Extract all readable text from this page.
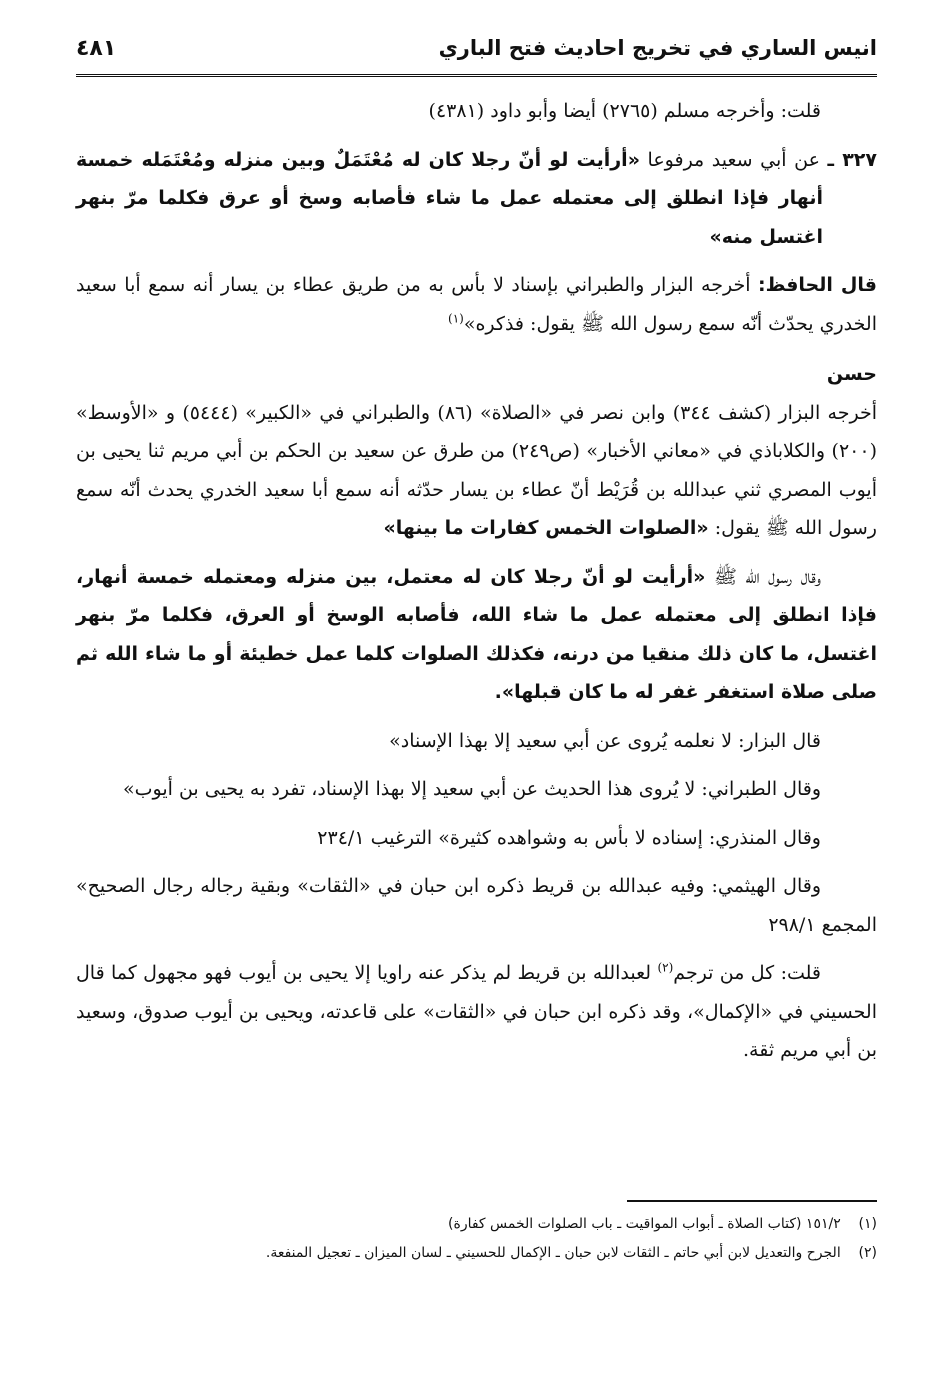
انيس الساري في تخريج احاديث فتح الباري
٤٨١

قلت: وأخرجه مسلم (٢٧٦٥) أيضا وأبو داود (٤٣٨١)

٣٢٧ ـ عن أبي سعيد مرفوعا «أرأيت لو أنّ رجلا كان له مُعْتَمَلٌ وبين منزله ومُعْتَمَله خمسة أنهار فإذا انطلق إلى معتمله عمل ما شاء فأصابه وسخ أو عرق فكلما مرّ بنهر اغتسل منه»

قال الحافظ: أخرجه البزار والطبراني بإسناد لا بأس به من طريق عطاء بن يسار أنه سمع أبا سعيد الخدري يحدّث أنّه سمع رسول الله ﷺ يقول: فذكره»$^{(١)}$

حسن

أخرجه البزار (كشف ٣٤٤) وابن نصر في «الصلاة» (٨٦) والطبراني في «الكبير» (٥٤٤٤) و «الأوسط» (٢٠٠) والكلاباذي في «معاني الأخبار» (ص٢٤٩) من طرق عن سعيد بن الحكم بن أبي مريم ثنا يحيى بن أيوب المصري ثني عبدالله بن قُرَيْط أنّ عطاء بن يسار حدّثه أنه سمع أبا سعيد الخدري يحدث أنّه سمع رسول الله ﷺ يقول: «الصلوات الخمس كفارات ما بينها»

وقال رسول الله ﷺ «أرأيت لو أنّ رجلا كان له معتمل، بين منزله ومعتمله خمسة أنهار، فإذا انطلق إلى معتمله عمل ما شاء الله، فأصابه الوسخ أو العرق، فكلما مرّ بنهر اغتسل، ما كان ذلك منقيا من درنه، فكذلك الصلوات كلما عمل خطيئة أو ما شاء الله ثم صلى صلاة استغفر غفر له ما كان قبلها».

قال البزار: لا نعلمه يُروى عن أبي سعيد إلا بهذا الإسناد»

وقال الطبراني: لا يُروى هذا الحديث عن أبي سعيد إلا بهذا الإسناد، تفرد به يحيى بن أيوب»

وقال المنذري: إسناده لا بأس به وشواهده كثيرة» الترغيب ٢٣٤/١

وقال الهيثمي: وفيه عبدالله بن قريط ذكره ابن حبان في «الثقات» وبقية رجاله رجال الصحيح» المجمع ٢٩٨/١

قلت: كل من ترجم$^{(٢)}$ لعبدالله بن قريط لم يذكر عنه راويا إلا يحيى بن أيوب فهو مجهول كما قال الحسيني في «الإكمال»، وقد ذكره ابن حبان في «الثقات» على قاعدته، ويحيى بن أيوب صدوق، وسعيد بن أبي مريم ثقة.

(١)    ١٥١/٢ (كتاب الصلاة ـ أبواب المواقيت ـ باب الصلوات الخمس كفارة)

(٢)    الجرح والتعديل لابن أبي حاتم ـ الثقات لابن حبان ـ الإكمال للحسيني ـ لسان الميزان ـ تعجيل المنفعة.
